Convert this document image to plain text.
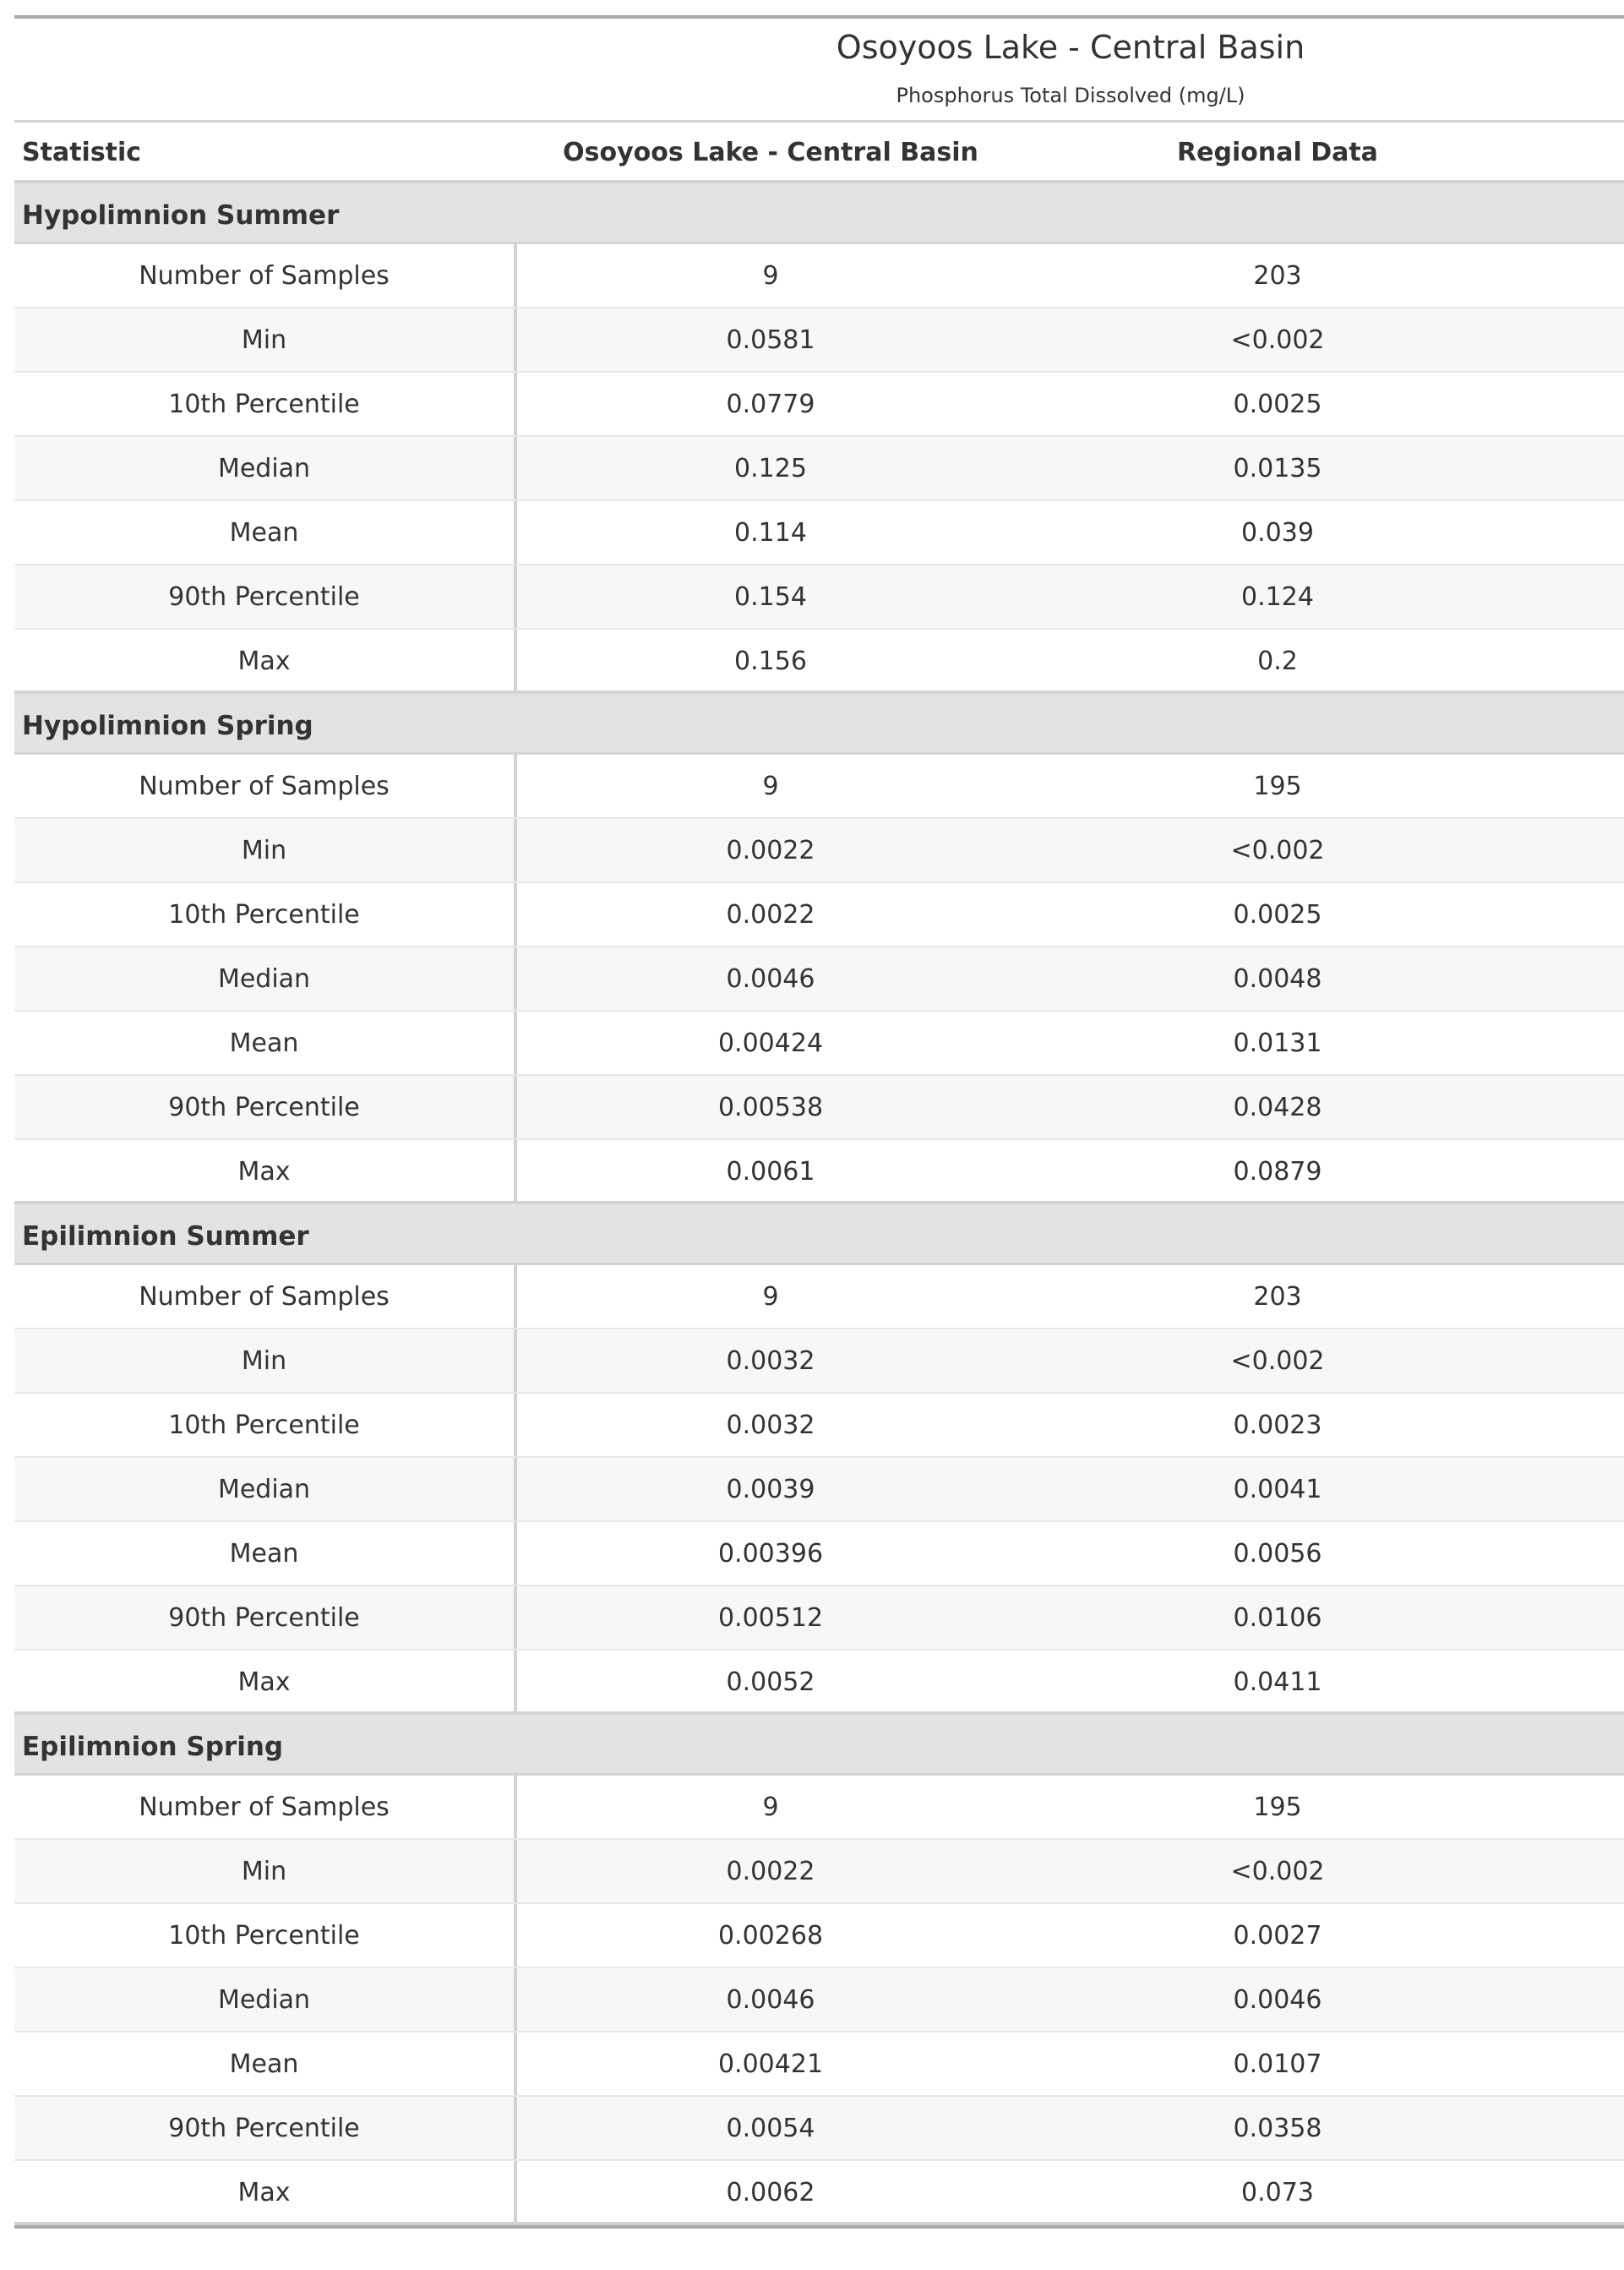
Osoyoos Lake - Central Basin
Phosphorus Total Dissolved (mg/L)
Statistic	Osoyoos Lake - Central Basin	Regional Data
Hypolimnion Summer
Number of Samples	9	203
Min	0.0581	<0.002
10th Percentile	0.0779	0.0025
Median	0.125	0.0135
Mean	0.114	0.039
90th Percentile	0.154	0.124
Max	0.156	0.2
Hypolimnion Spring
Number of Samples	9	195
Min	0.0022	<0.002
10th Percentile	0.0022	0.0025
Median	0.0046	0.0048
Mean	0.00424	0.0131
90th Percentile	0.00538	0.0428
Max	0.0061	0.0879
Epilimnion Summer
Number of Samples	9	203
Min	0.0032	<0.002
10th Percentile	0.0032	0.0023
Median	0.0039	0.0041
Mean	0.00396	0.0056
90th Percentile	0.00512	0.0106
Max	0.0052	0.0411
Epilimnion Spring
Number of Samples	9	195
Min	0.0022	<0.002
10th Percentile	0.00268	0.0027
Median	0.0046	0.0046
Mean	0.00421	0.0107
90th Percentile	0.0054	0.0358
Max	0.0062	0.073
